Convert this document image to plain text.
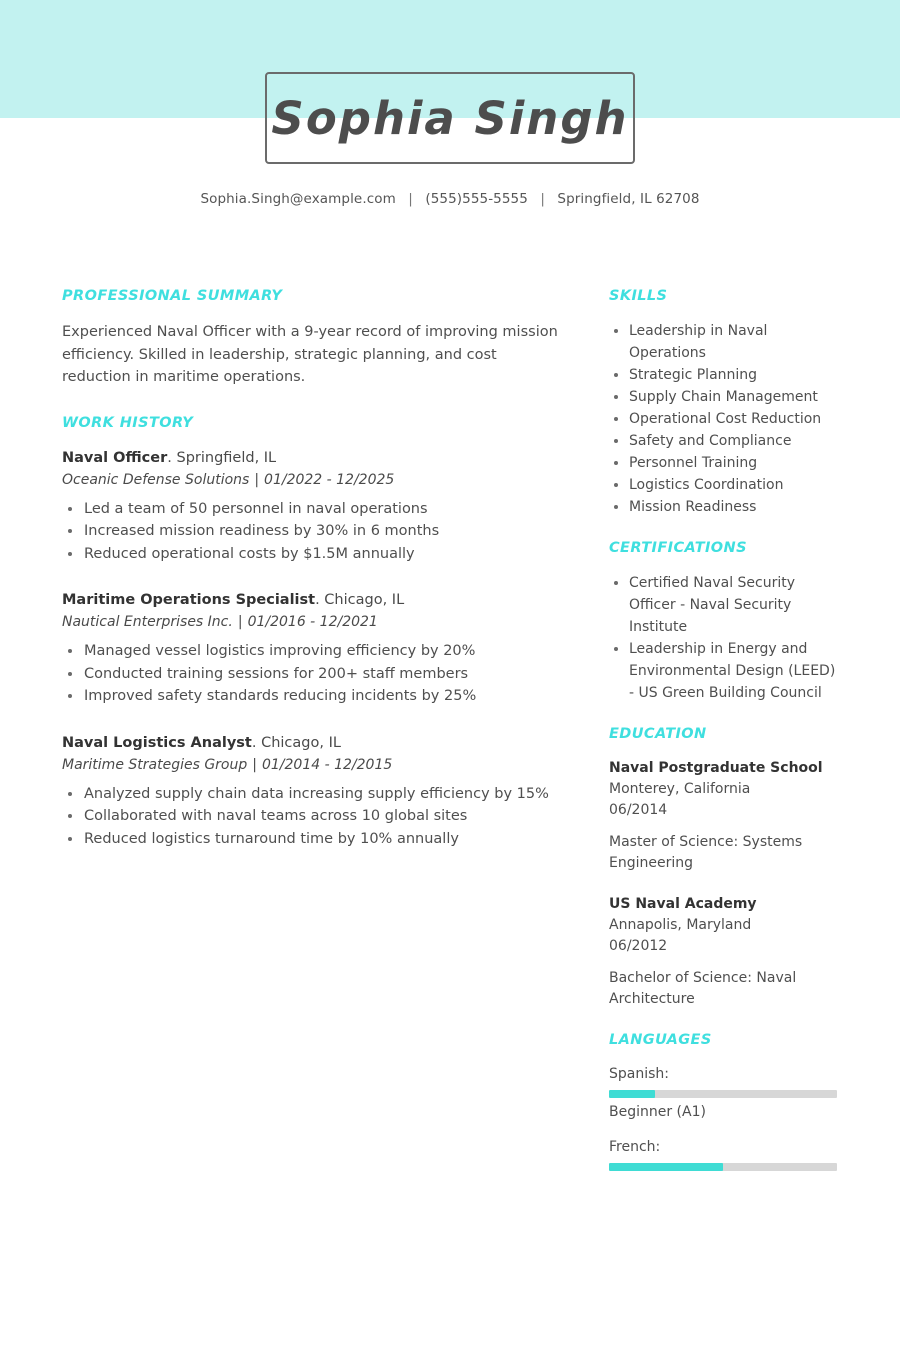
Sophia Singh
Sophia.Singh@example.com | (555)555-5555 | Springfield, IL 62708
PROFESSIONAL SUMMARY
Experienced Naval Officer with a 9-year record of improving mission efficiency. Skilled in leadership, strategic planning, and cost reduction in maritime operations.
WORK HISTORY
Naval Officer. Springfield, IL
Oceanic Defense Solutions | 01/2022 - 12/2025
Led a team of 50 personnel in naval operations
Increased mission readiness by 30% in 6 months
Reduced operational costs by $1.5M annually
Maritime Operations Specialist. Chicago, IL
Nautical Enterprises Inc. | 01/2016 - 12/2021
Managed vessel logistics improving efficiency by 20%
Conducted training sessions for 200+ staff members
Improved safety standards reducing incidents by 25%
Naval Logistics Analyst. Chicago, IL
Maritime Strategies Group | 01/2014 - 12/2015
Analyzed supply chain data increasing supply efficiency by 15%
Collaborated with naval teams across 10 global sites
Reduced logistics turnaround time by 10% annually
SKILLS
Leadership in Naval Operations
Strategic Planning
Supply Chain Management
Operational Cost Reduction
Safety and Compliance
Personnel Training
Logistics Coordination
Mission Readiness
CERTIFICATIONS
Certified Naval Security Officer - Naval Security Institute
Leadership in Energy and Environmental Design (LEED) - US Green Building Council
EDUCATION
Naval Postgraduate School
Monterey, California
06/2014
Master of Science: Systems Engineering
US Naval Academy
Annapolis, Maryland
06/2012
Bachelor of Science: Naval Architecture
LANGUAGES
Spanish:
Beginner (A1)
French:
